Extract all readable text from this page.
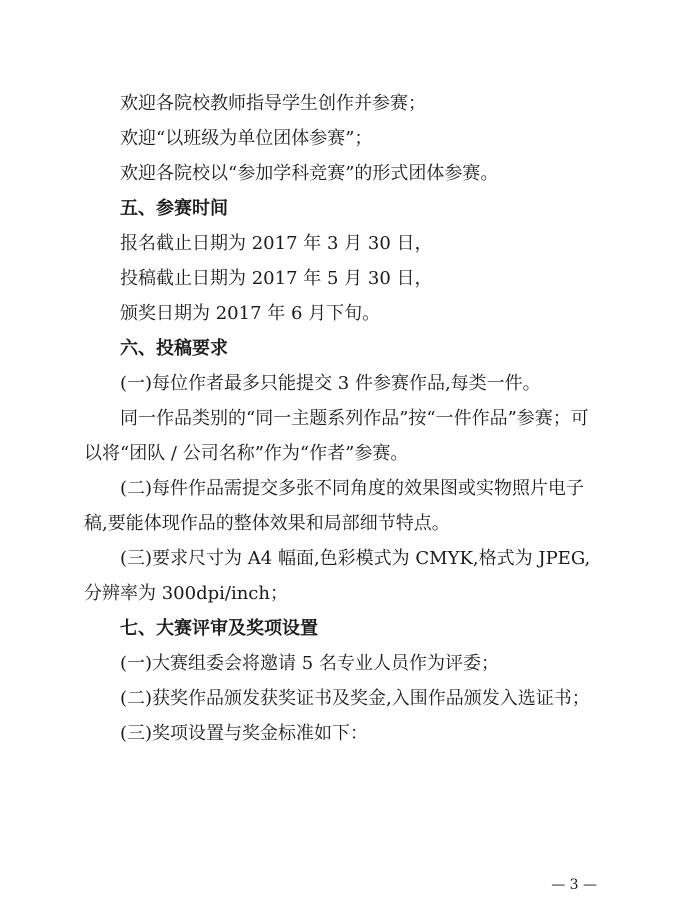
欢迎各院校教师指导学生创作并参赛；
欢迎“以班级为单位团体参赛”；
欢迎各院校以“参加学科竞赛”的形式团体参赛。
五、参赛时间
报名截止日期为 2017 年 3 月 30 日，
投稿截止日期为 2017 年 5 月 30 日，
颁奖日期为 2017 年 6 月下旬。
六、投稿要求
(一)每位作者最多只能提交 3 件参赛作品,每类一件。
同一作品类别的“同一主题系列作品”按“一件作品”参赛；可
以将“团队 / 公司名称”作为“作者”参赛。
(二)每件作品需提交多张不同角度的效果图或实物照片电子
稿,要能体现作品的整体效果和局部细节特点。
(三)要求尺寸为 A4 幅面,色彩模式为 CMYK,格式为 JPEG,
分辨率为 300dpi/inch；
七、大赛评审及奖项设置
(一)大赛组委会将邀请 5 名专业人员作为评委；
(二)获奖作品颁发获奖证书及奖金,入围作品颁发入选证书；
(三)奖项设置与奖金标准如下：
— 3 —
